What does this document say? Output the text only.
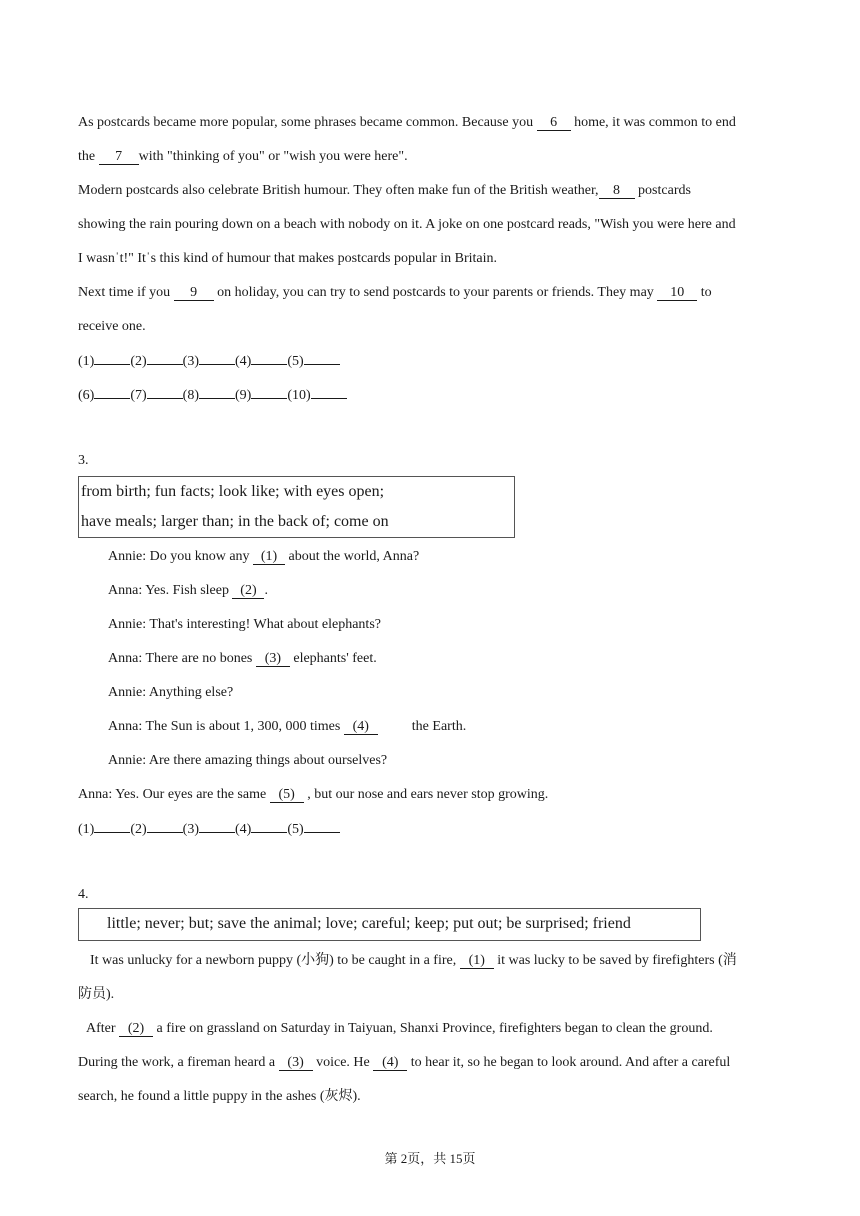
As postcards became more popular, some phrases became common. Because you 6 home, it was common to end
the 7 with "thinking of you" or "wish you were here".
Modern postcards also celebrate British humour. They often make fun of the British weather, 8 postcards
showing the rain pouring down on a beach with nobody on it. A joke on one postcard reads, "Wish you were here and
I wasnˈt!" Itˈs this kind of humour that makes postcards popular in Britain.
Next time if you 9 on holiday, you can try to send postcards to your parents or friends. They may 10 to
receive one.
(1)	(2)	(3)	(4)	(5)
(6)	(7)	(8)	(9)	(10)
3.
from birth; fun facts; look like; with eyes open;
have meals; larger than; in the back of; come on
Annie: Do you know any (1) about the world, Anna?
Anna: Yes. Fish sleep (2) .
Annie: That's interesting! What about elephants?
Anna: There are no bones (3) elephants' feet.
Annie: Anything else?
Anna: The Sun is about 1, 300, 000 times (4)	the Earth.
Annie: Are there amazing things about ourselves?
Anna: Yes. Our eyes are the same (5) , but our nose and ears never stop growing.
(1)	(2)	(3)	(4)	(5)
4.
little; never; but; save the animal; love; careful; keep; put out; be surprised; friend
It was unlucky for a newborn puppy (小狗) to be caught in a fire, (1) it was lucky to be saved by firefighters (消
防员).
After (2) a fire on grassland on Saturday in Taiyuan, Shanxi Province, firefighters began to clean the ground.
During the work, a fireman heard a (3) voice. He (4) to hear it, so he began to look around. And after a careful
search, he found a little puppy in the ashes (灰烬).
第 2页，共 15页
